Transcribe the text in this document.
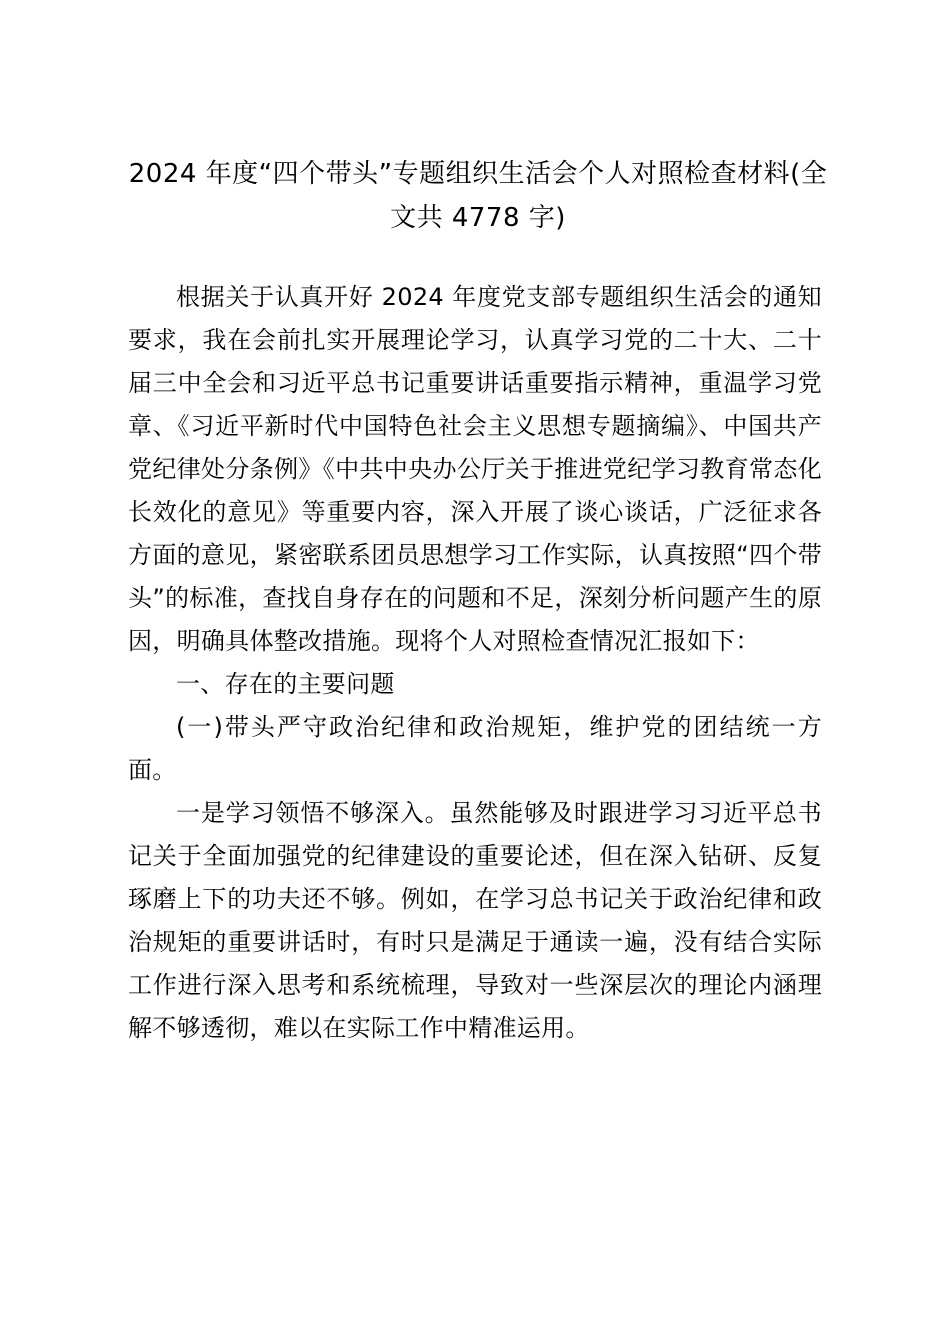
2024 年度“四个带头”专题组织生活会个人对照检查材料(全文共 4778 字)

根据关于认真开好 2024 年度党支部专题组织生活会的通知要求，我在会前扎实开展理论学习，认真学习党的二十大、二十届三中全会和习近平总书记重要讲话重要指示精神，重温学习党章、《习近平新时代中国特色社会主义思想专题摘编》、中国共产党纪律处分条例》《中共中央办公厅关于推进党纪学习教育常态化长效化的意见》等重要内容，深入开展了谈心谈话，广泛征求各方面的意见，紧密联系团员思想学习工作实际，认真按照“四个带头”的标准，查找自身存在的问题和不足，深刻分析问题产生的原因，明确具体整改措施。现将个人对照检查情况汇报如下：

一、存在的主要问题

(一)带头严守政治纪律和政治规矩，维护党的团结统一方面。

一是学习领悟不够深入。虽然能够及时跟进学习习近平总书记关于全面加强党的纪律建设的重要论述，但在深入钻研、反复琢磨上下的功夫还不够。例如，在学习总书记关于政治纪律和政治规矩的重要讲话时，有时只是满足于通读一遍，没有结合实际工作进行深入思考和系统梳理，导致对一些深层次的理论内涵理解不够透彻，难以在实际工作中精准运用。
